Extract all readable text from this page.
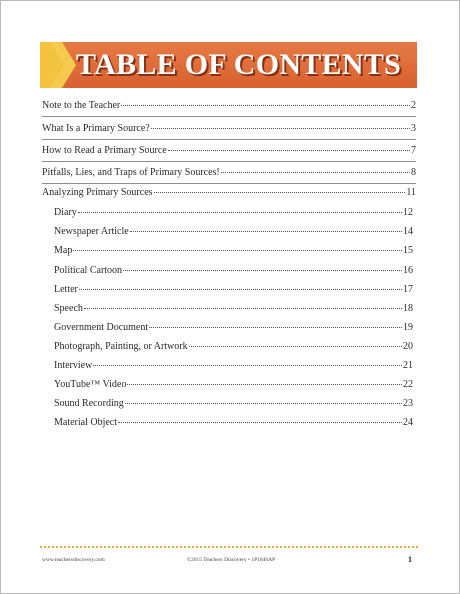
TABLE OF CONTENTS
Note to the Teacher	2
What Is a Primary Source?	3
How to Read a Primary Source	7
Pitfalls, Lies, and Traps of Primary Sources!	8
Analyzing Primary Sources	11
Diary	12
Newspaper Article	14
Map	15
Political Cartoon	16
Letter	17
Speech	18
Government Document	19
Photograph, Painting, or Artwork	20
Interview	21
YouTube™ Video	22
Sound Recording	23
Material Object	24
www.teachersdiscovery.com	©2015 Teachers Discovery • 1P1846AP	1
